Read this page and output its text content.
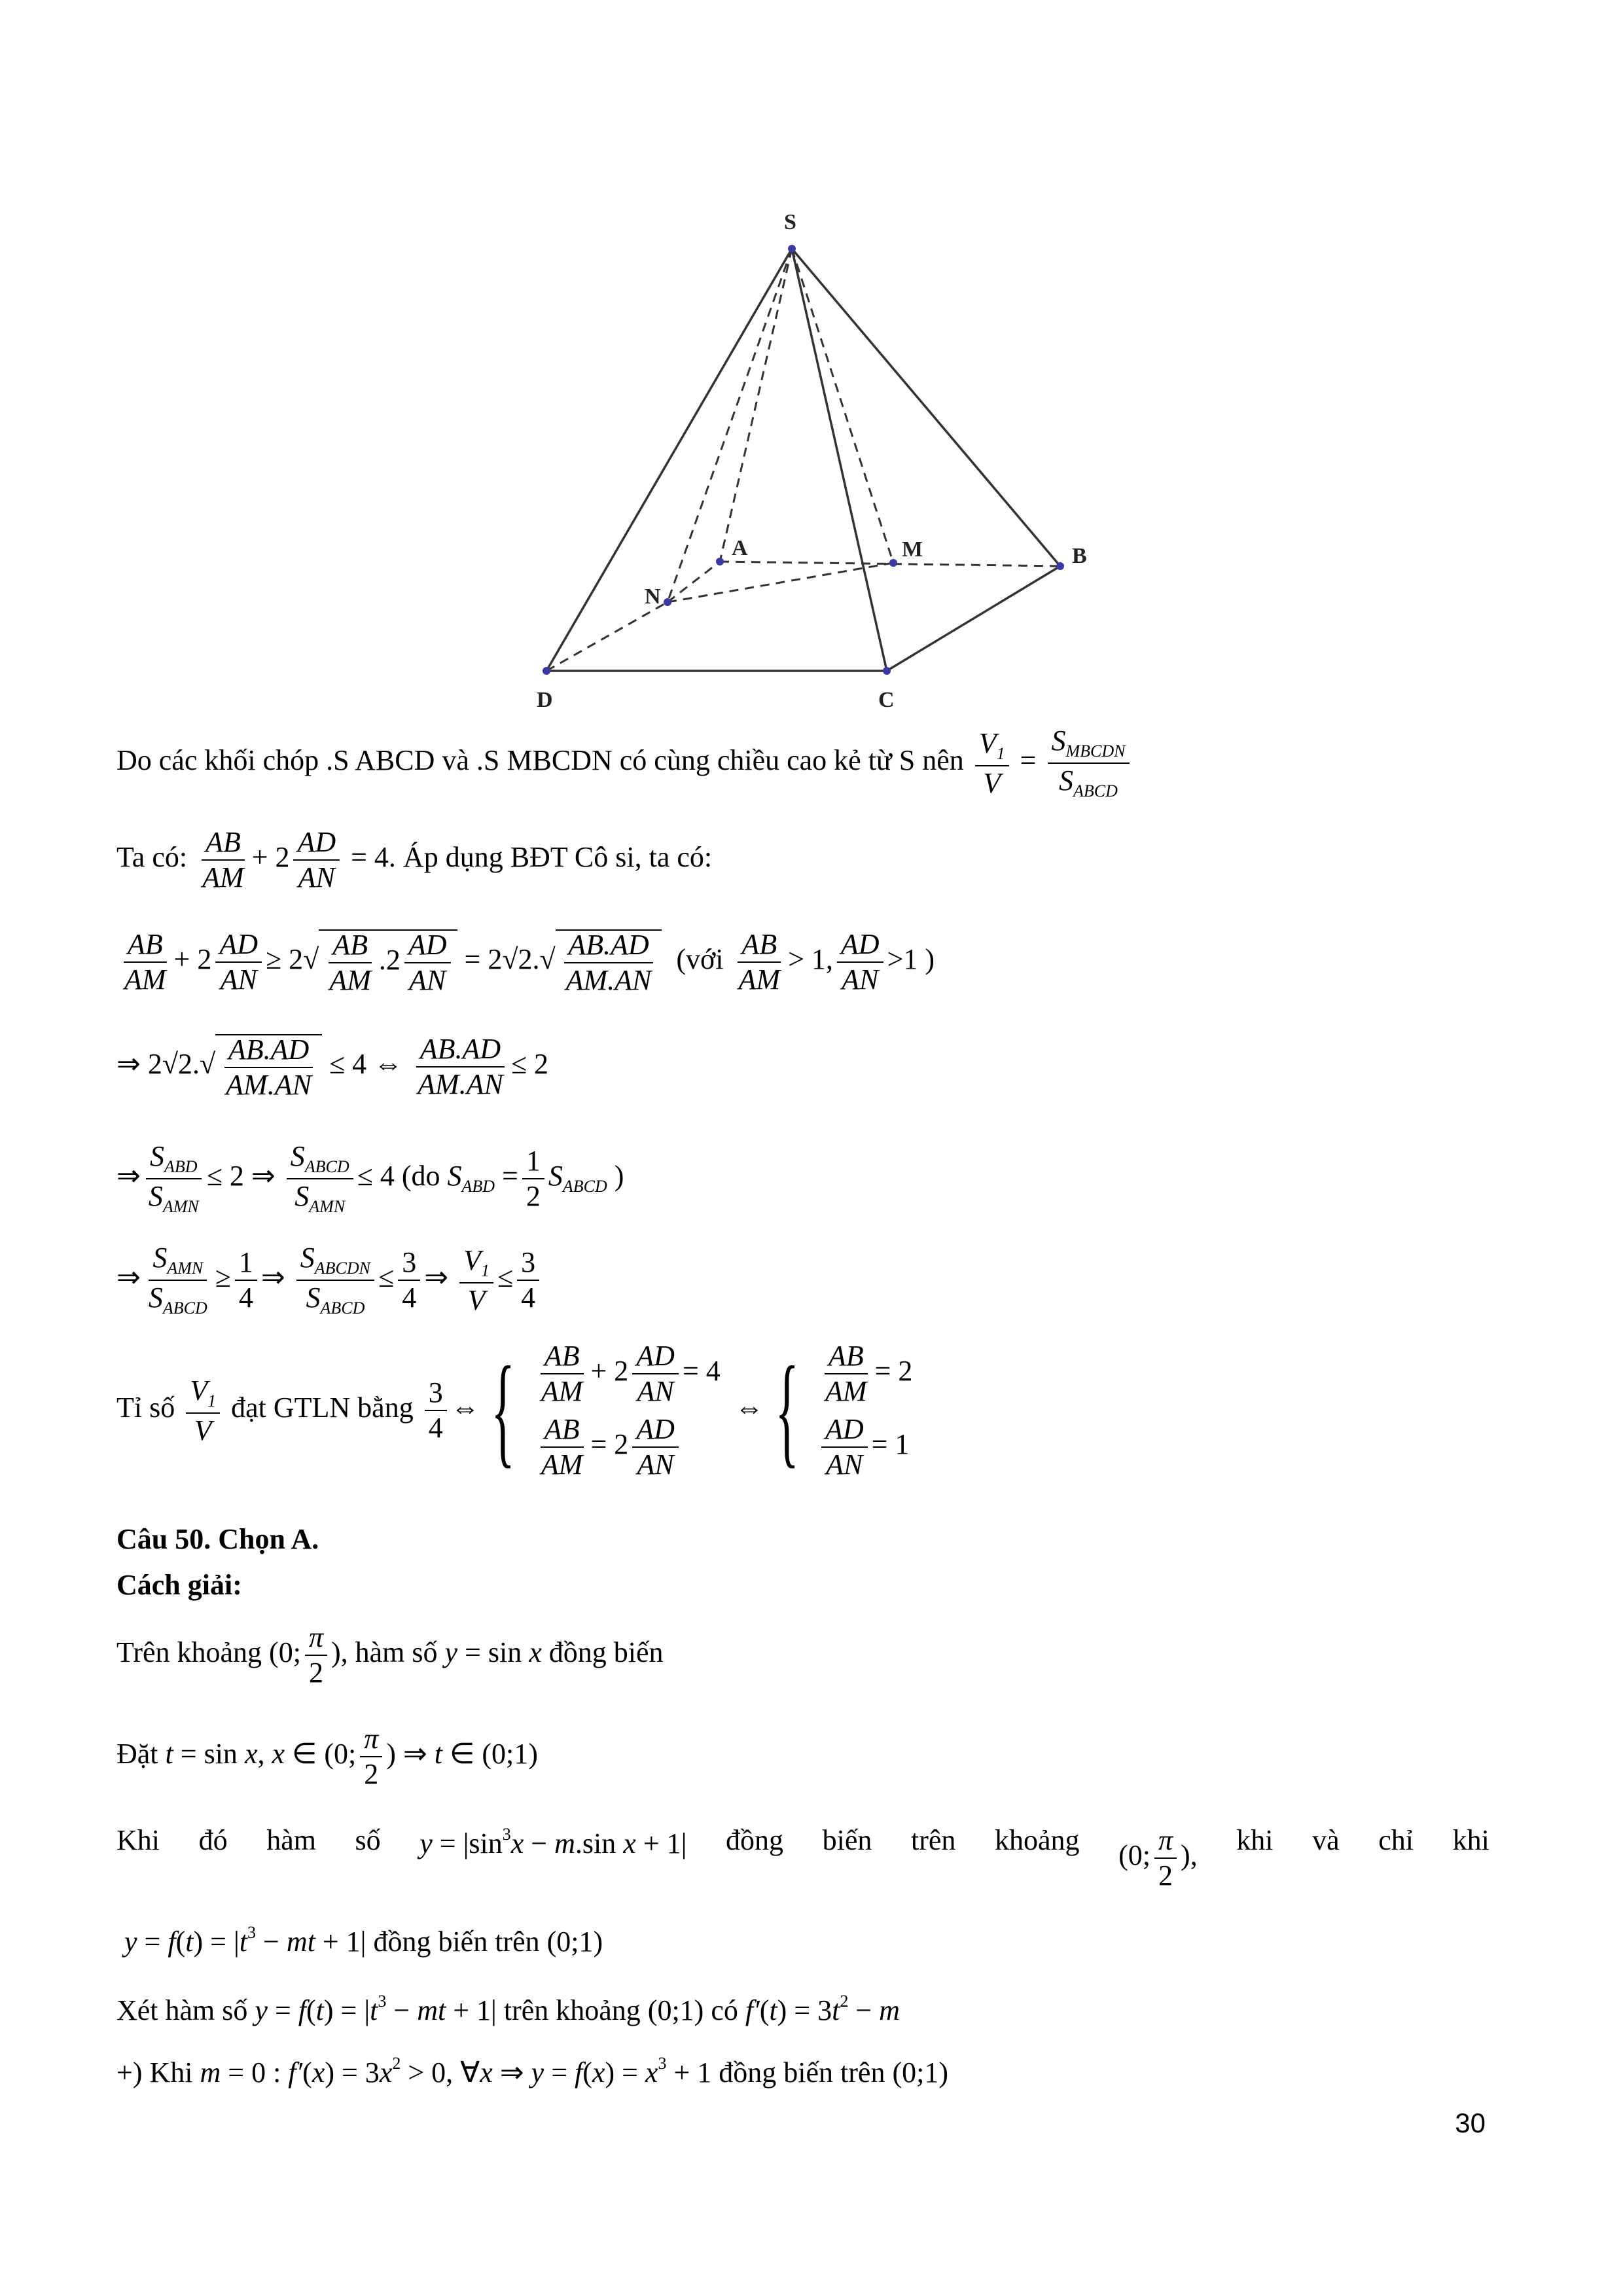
S
A	M	B
N
D	C
Do các khối chóp .S ABCD và .S MBCDN có cùng chiều cao kẻ từ S nên $\frac{V_1}{V} = \frac{S_{MBCDN}}{S_{ABCD}}$
Ta có: $\frac{AB}{AM} + 2 \frac{AD}{AN} = 4$. Áp dụng BĐT Cô si, ta có:
$\frac{AB}{AM} + 2 \frac{AD}{AN} \ge 2√ \frac{AB}{AM} .2 \frac{AD}{AN} = 2√2.√ \frac{AB.AD}{AM.AN}$ (với $\frac{AB}{AM} > 1$, $\frac{AD}{AN} >1$ )
⇒ $2√2.√ \frac{AB.AD}{AM.AN} \le 4$ ⇔ $\frac{AB.AD}{AM.AN} \le 2$
⇒ $\frac{S_{ABD}}{S_{AMN}} \le 2$ ⇒ $\frac{S_{ABCD}}{S_{AMN}} \le 4$ (do $S_{ABD} = \frac{1}{2} S_{ABCD}$ )
⇒ $\frac{S_{AMN}}{S_{ABCD}} \ge \frac{1}{4}$ ⇒ $\frac{S_{ABCDN}}{S_{ABCD}} \le \frac{3}{4}$ ⇒ $\frac{V_1}{V} \le \frac{3}{4}$
Tỉ số $\frac{V_1}{V}$ đạt GTLN bằng $\frac{3}{4}$ ⇔{ $\frac{AB}{AM} + 2 \frac{AD}{AN} = 4$
$\frac{AB}{AM} = 2 \frac{AD}{AN}$
⇔{ $\frac{AB}{AM} = 2$
$\frac{AD}{AN} = 1$
Câu 50. Chọn A.
Cách giải:
Trên khoảng (0; $\frac{\pi}{2}$ ), hàm số y = sin x đồng biến
Đặt t = sin x, x ∈ (0; $\frac{\pi}{2}$ ) ⇒ t ∈ (0;1)
Khi đó hàm số $y = |\sin^3x - m.\sin$ x + 1| đồng biến trên khoảng (0; $\frac{\pi}{2}$ ), khi và chỉ khi
$y = f(t) = |t^3$ − mt + 1| đồng biến trên (0;1)
Xét hàm số $y = f(t) = |t^3$ − mt + 1| trên khoảng (0;1) có $f'(t) = 3t^2 - m$
+) Khi m = 0 : $f'(x) = 3x^2 > 0$, ∀x ⇒ $y = f(x) = x^3 + 1$ đồng biến trên (0;1)
30
